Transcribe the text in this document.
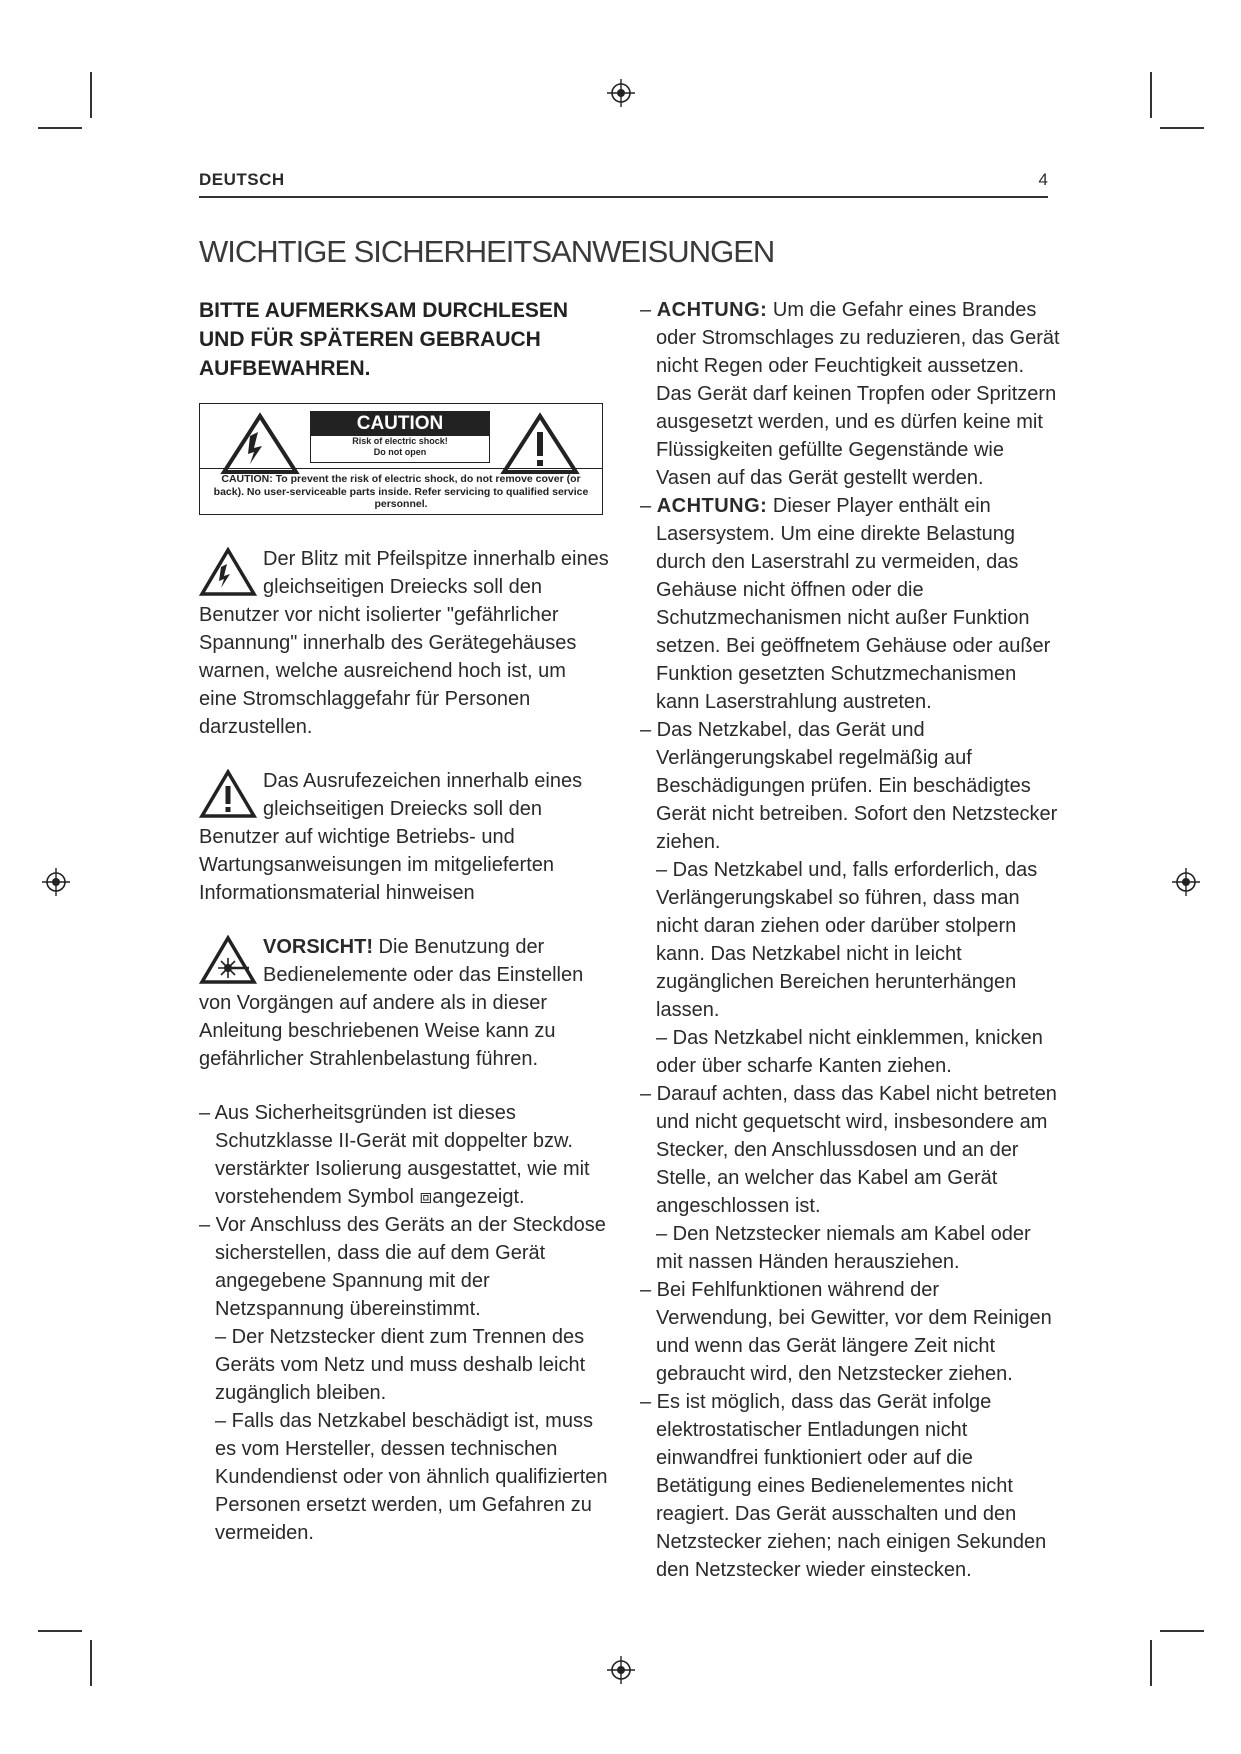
DEUTSCH	4
WICHTIGE SICHERHEITSANWEISUNGEN
BITTE AUFMERKSAM DURCHLESEN UND FÜR SPÄTEREN GEBRAUCH AUFBEWAHREN.
CAUTION
Risk of electric shock!
Do not open
CAUTION: To prevent the risk of electric shock, do not remove cover (or back). No user-serviceable parts inside. Refer servicing to qualified service personnel.
Der Blitz mit Pfeilspitze innerhalb eines gleichseitigen Dreiecks soll den Benutzer vor nicht isolierter "gefährlicher Spannung" innerhalb des Gerätegehäuses warnen, welche ausreichend hoch ist, um eine Stromschlaggefahr für Personen darzustellen.
Das Ausrufezeichen innerhalb eines gleichseitigen Dreiecks soll den Benutzer auf wichtige Betriebs- und Wartungsanweisungen im mitgelieferten Informationsmaterial hinweisen
VORSICHT! Die Benutzung der Bedienelemente oder das Einstellen von Vorgängen auf andere als in dieser Anleitung beschriebenen Weise kann zu gefährlicher Strahlenbelastung führen.

– Aus Sicherheitsgründen ist dieses Schutzklasse II-Gerät mit doppelter bzw. verstärkter Isolierung ausgestattet, wie mit vorstehendem Symbol ⧈angezeigt.

– Vor Anschluss des Geräts an der Steckdose sicherstellen, dass die auf dem Gerät angegebene Spannung mit der Netzspannung übereinstimmt.

– Der Netzstecker dient zum Trennen des Geräts vom Netz und muss deshalb leicht zugänglich bleiben.

– Falls das Netzkabel beschädigt ist, muss es vom Hersteller, dessen technischen Kundendienst oder von ähnlich qualifizierten Personen ersetzt werden, um Gefahren zu vermeiden.

– ACHTUNG: Um die Gefahr eines Brandes oder Stromschlages zu reduzieren, das Gerät nicht Regen oder Feuchtigkeit aussetzen. Das Gerät darf keinen Tropfen oder Spritzern ausgesetzt werden, und es dürfen keine mit Flüssigkeiten gefüllte Gegenstände wie Vasen auf das Gerät gestellt werden.

– ACHTUNG: Dieser Player enthält ein Lasersystem. Um eine direkte Belastung durch den Laserstrahl zu vermeiden, das Gehäuse nicht öffnen oder die Schutzmechanismen nicht außer Funktion setzen. Bei geöffnetem Gehäuse oder außer Funktion gesetzten Schutzmechanismen kann Laserstrahlung austreten.

– Das Netzkabel, das Gerät und Verlängerungskabel regelmäßig auf Beschädigungen prüfen. Ein beschädigtes Gerät nicht betreiben. Sofort den Netzstecker ziehen.

– Das Netzkabel und, falls erforderlich, das Verlängerungskabel so führen, dass man nicht daran ziehen oder darüber stolpern kann. Das Netzkabel nicht in leicht zugänglichen Bereichen herunterhängen lassen.

– Das Netzkabel nicht einklemmen, knicken oder über scharfe Kanten ziehen.

– Darauf achten, dass das Kabel nicht betreten und nicht gequetscht wird, insbesondere am Stecker, den Anschlussdosen und an der Stelle, an welcher das Kabel am Gerät angeschlossen ist.

– Den Netzstecker niemals am Kabel oder mit nassen Händen herausziehen.

– Bei Fehlfunktionen während der Verwendung, bei Gewitter, vor dem Reinigen und wenn das Gerät längere Zeit nicht gebraucht wird, den Netzstecker ziehen.

– Es ist möglich, dass das Gerät infolge elektrostatischer Entladungen nicht einwandfrei funktioniert oder auf die Betätigung eines Bedienelementes nicht reagiert. Das Gerät ausschalten und den Netzstecker ziehen; nach einigen Sekunden den Netzstecker wieder einstecken.
